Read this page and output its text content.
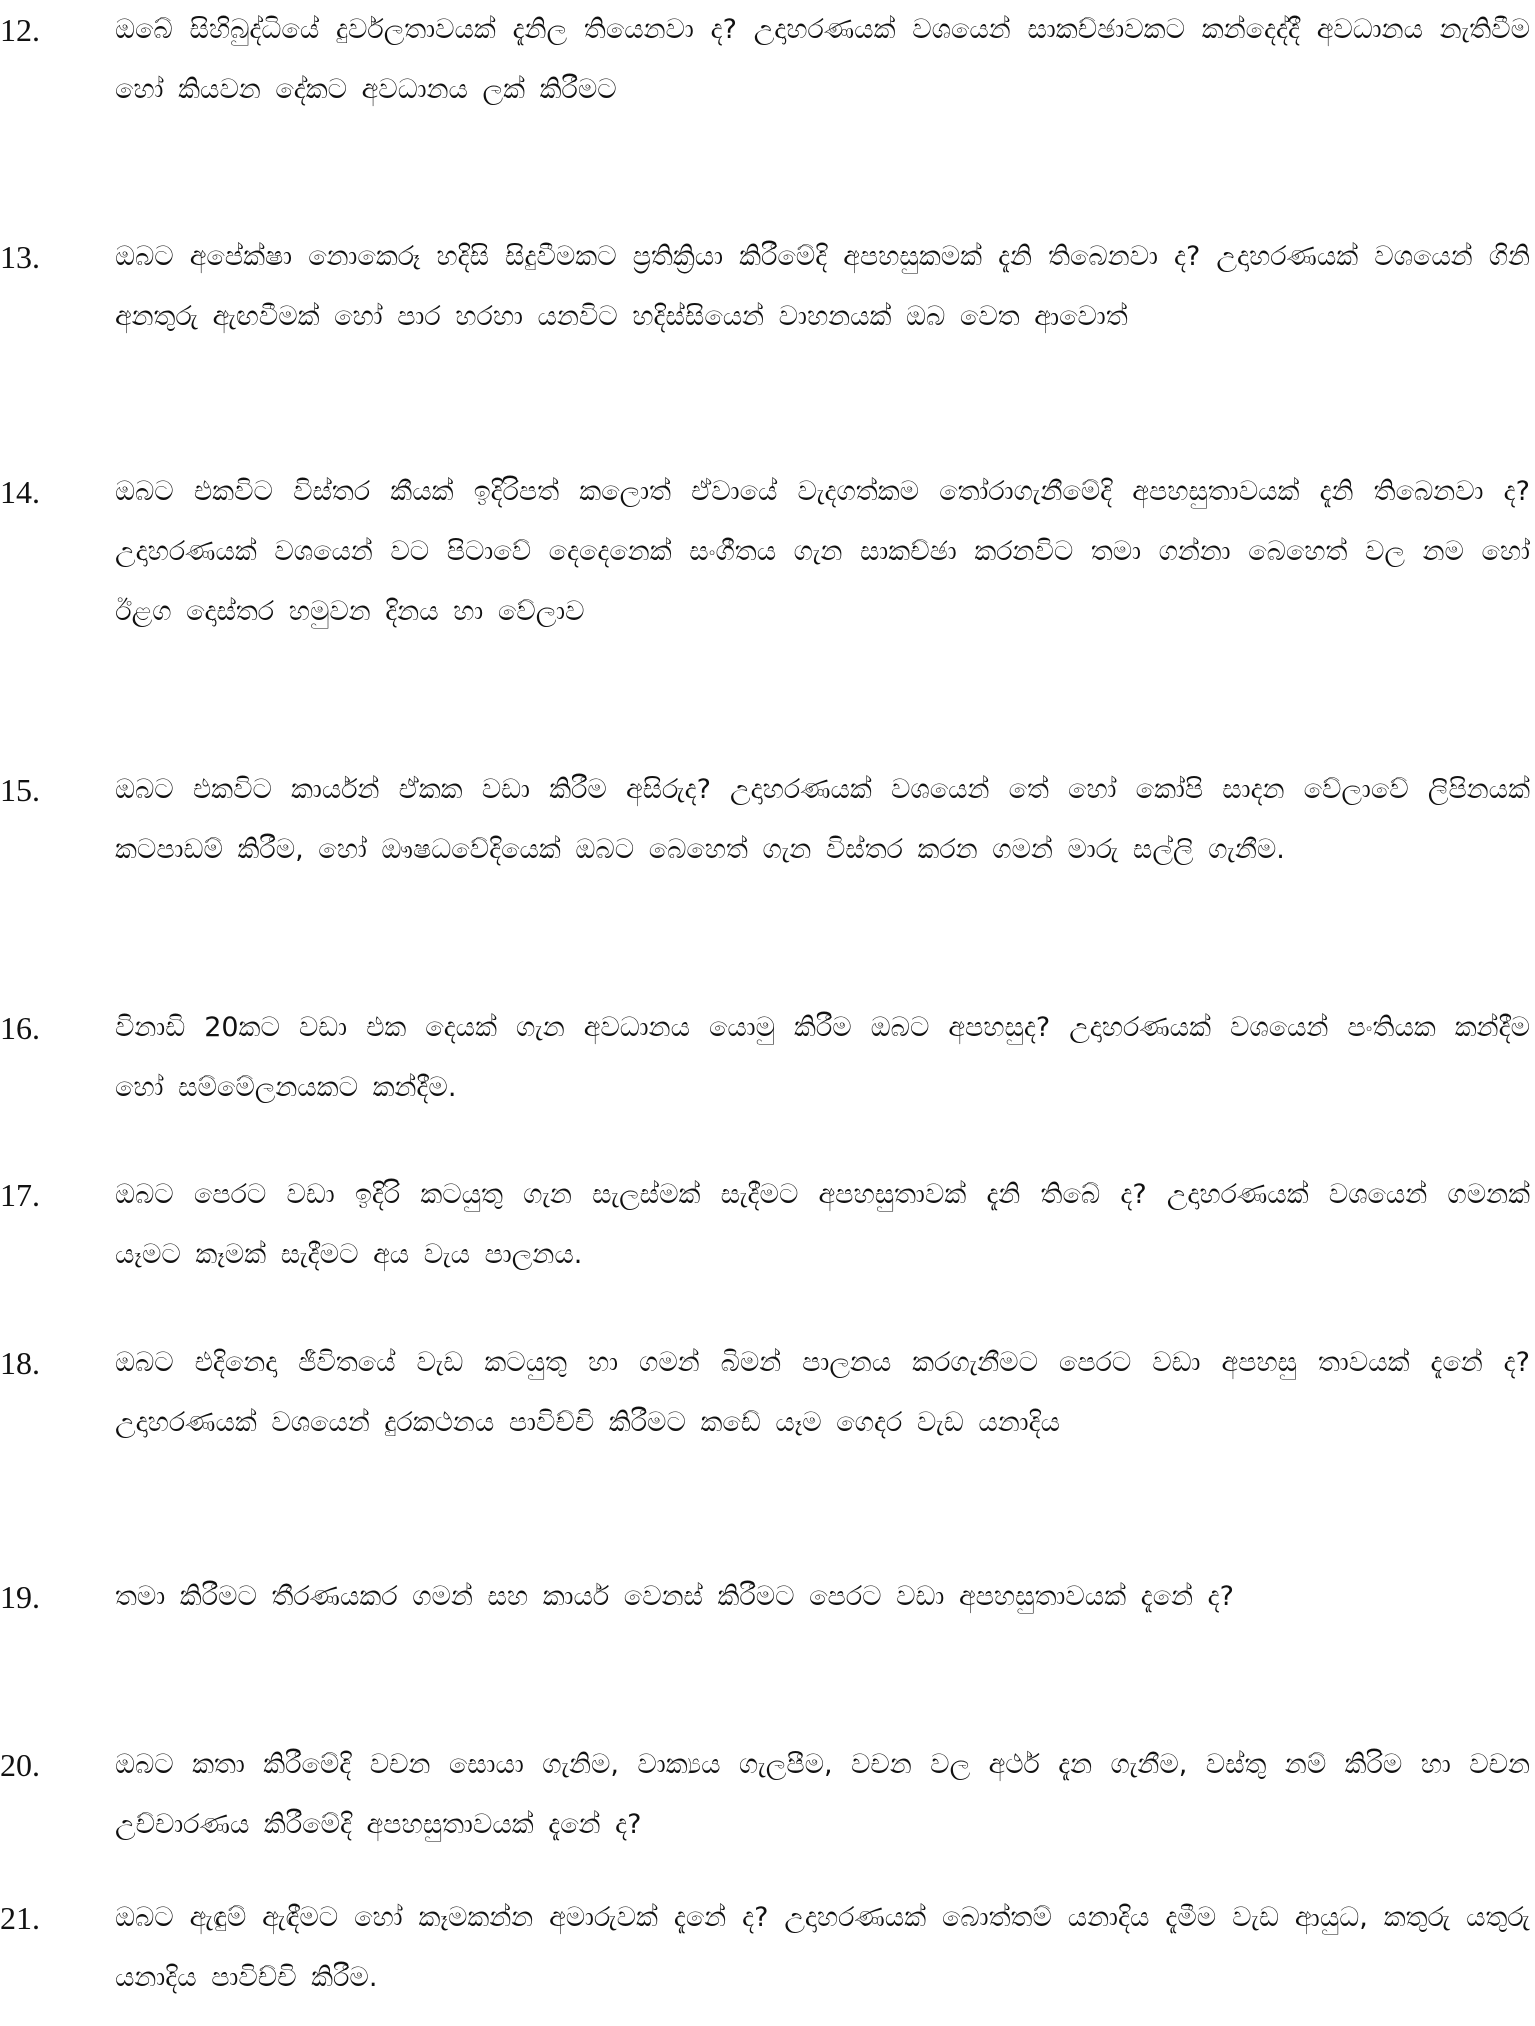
12.	ඔබේ සිහිබුද්ධියේ දුර්වලතාවයක් දැනිල තියෙනවා ද? උදාහරණයක් වශයෙන් සාකච්ඡාවකට කන්දෙද්දී අවධානය නැතිවීම හෝ කියවන දේකට අවධානය ලක් කිරීමට
13.	ඔබට අපේක්ෂා නොකෙරූ හදිසි සිදුවීමකට ප්‍රතික්‍රියා කිරීමේදි අපහසුකමක් දැනි තිබෙනවා ද? උදාහරණයක් වශයෙන් ගිනි අනතුරු ඇඟවීමක් හෝ පාර හරහා යනවිට හදිස්සියෙන් වාහනයක් ඔබ වෙත ආවොත්
14.	ඔබට එකවිට විස්තර කීයක් ඉදිරිපත් කලොත් ඒවායේ වැදගත්කම තෝරාගැනීමේදි අපහසුතාවයක් දැනි තිබෙනවා ද? උදාහරණයක් වශයෙන් වට පිටාවේ දෙදෙනෙක් සංගීතය ගැන සාකච්ඡා කරනවිට තමා ගන්නා බෙහෙත් වල නම හෝ ඊළග දොස්තර හමුවන දිනය හා වේලාව
15.	ඔබට එකවිට කාර්යන් ඒකක වඩා කිරීම අසිරුද? උදාහරණයක් වශයෙන් තේ හෝ කෝපි සාදන වේලාවේ ලිපිනයක් කටපාඩම් කිරීම, හෝ ඖෂධවේදියෙක් ඔබට බෙහෙත් ගැන විස්තර කරන ගමන් මාරු සල්ලි ගැනීම.
16.	විනාඩි 20කට වඩා එක දෙයක් ගැන අවධානය යොමු කිරීම ඔබට අපහසුද? උදාහරණයක් වශයෙන් පංතියක කන්දීම හෝ සම්මේලනයකට කන්දීම.
17.	ඔබට පෙරට වඩා ඉදිරි කටයුතු ගැන සැලස්මක් සැදීමට අපහසුතාවක් දැනි තිබේ ද? උදාහරණයක් වශයෙන් ගමනක් යෑමට කෑමක් සැදීමට අය වැය පාලනය.
18.	ඔබට එදිනෙදා ජීවිතයේ වැඩ කටයුතු හා ගමන් බිමන් පාලනය කරගැනීමට පෙරට වඩා අපහසු තාවයක් දැනේ ද? උදාහරණයක් වශයෙන් දුරකථනය පාවිච්චි කිරීමට කඩේ යෑම ගෙදර වැඩ යනාදිය
19.	තමා කිරීමට තීරණයකර ගමන් සහ කාර්ය වෙනස් කිරීමට පෙරට වඩා අපහසුතාවයක් දැනේ ද?
20.	ඔබට කතා කිරීමේදි වචන සොයා ගැනිම, වාක්‍යය ගැලපීම, වචන වල අර්ථ දැන ගැනීම, වස්තු නම් කිරිම හා වචන උච්චාරණය කිරීමේදි අපහසුතාවයක් දැනේ ද?
21.	ඔබට ඇඳුම් ඇඳීමට හෝ කෑමකන්න අමාරුවක් දැනේ ද? උදාහරණයක් බොත්තම් යනාදිය දැමීම වැඩ ආයුධ, කතුරු යතුරු යනාදිය පාවිච්චි කිරීම.
